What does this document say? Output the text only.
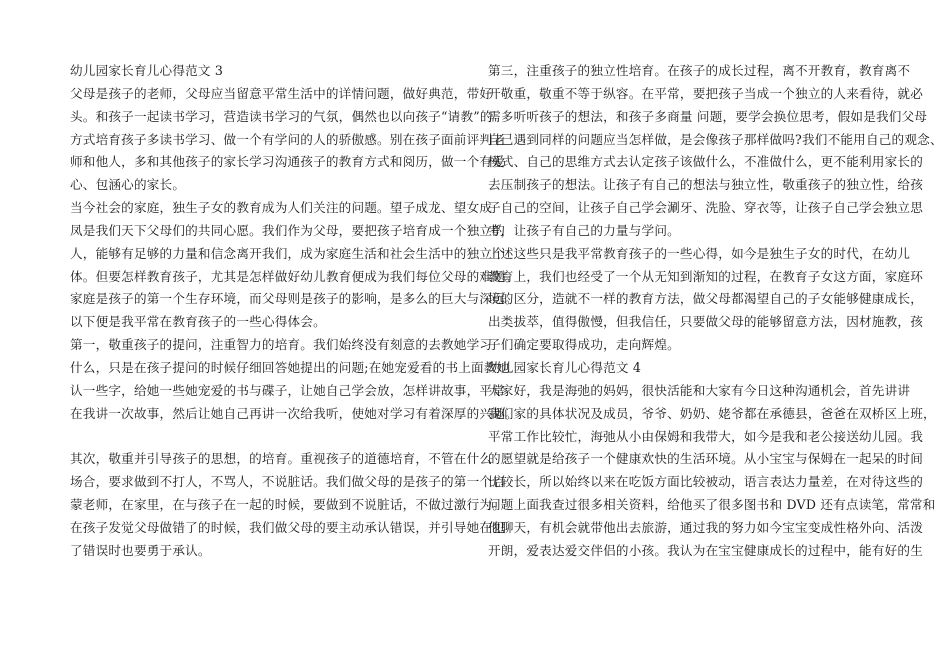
幼儿园家长育儿心得范文 3
父母是孩子的老师，父母应当留意平常生活中的详情问题，做好典范，带好
头。和孩子一起读书学习，营造读书学习的气氛，偶然也以向孩子“请教”的
方式培育孩子多读书学习、做一个有学问的人的骄傲感。别在孩子面前评判老
师和他人，多和其他孩子的家长学习沟通孩子的教育方式和阅历，做一个有爱
心、包涵心的家长。
当今社会的家庭，独生子女的教育成为人们关注的问题。望子成龙、望女成
凤是我们天下父母们的共同心愿。我们作为父母，要把孩子培育成一个独立的
人，能够有足够的力量和信念离开我们，成为家庭生活和社会生活中的独立个
体。但要怎样教育孩子，尤其是怎样做好幼儿教育便成为我们每位父母的难题。
家庭是孩子的第一个生存环境，而父母则是孩子的影响，是多么的巨大与深远。
以下便是我平常在教育孩子的一些心得体会。
第一，敬重孩子的提问，注重智力的培育。我们始终没有刻意的去教她学习
什么，只是在孩子提问的时候仔细回答她提出的问题;在她宠爱看的书上面教她
认一些字，给她一些她宠爱的书与碟子，让她自己学会放，怎样讲故事，平常
在我讲一次故事，然后让她自己再讲一次给我听，使她对学习有着深厚的兴趣。
其次，敬重并引导孩子的思想，的培育。重视孩子的道德培育，不管在什么
场合，要求做到不打人，不骂人，不说脏话。我们做父母的是孩子的第一个启
蒙老师，在家里，在与孩子在一起的时候，要做到不说脏话，不做过激行为。
在孩子发觉父母做错了的时候，我们做父母的要主动承认错误，并引导她在犯
了错误时也要勇于承认。
第三，注重孩子的独立性培育。在孩子的成长过程，离不开教育，教育离不
开敬重，敬重不等于纵容。在平常，要把孩子当成一个独立的人来看待，就必
需多听听孩子的想法，和孩子多商量 问题，要学会换位思考，假如是我们父母
自己遇到同样的问题应当怎样做，是会像孩子那样做吗?我们不能用自己的观念、
模式、自己的思维方式去认定孩子该做什么，不准做什么，更不能利用家长的
去压制孩子的想法。让孩子有自己的想法与独立性，敬重孩子的独立性，给孩
子自己的空间，让孩子自己学会涮牙、洗脸、穿衣等，让孩子自己学会独立思
考，让孩子有自己的力量与学问。
上述这些只是我平常教育孩子的一些心得，如今是独生子女的时代，在幼儿
教育上，我们也经受了一个从无知到渐知的过程，在教育子女这方面，家庭环
境的区分，造就不一样的教育方法，做父母都渴望自己的子女能够健康成长，
出类拔萃，值得傲慢，但我信任，只要做父母的能够留意方法，因材施教，孩
子们确定要取得成功，走向辉煌。
幼儿园家长育儿心得范文 4
大家好，我是海弛的妈妈，很快活能和大家有今日这种沟通机会，首先讲讲
我们家的具体状况及成员，爷爷、奶奶、姥爷都在承德县，爸爸在双桥区上班，
平常工作比较忙，海弛从小由保姆和我带大，如今是我和老公接送幼儿园。我
的愿望就是给孩子一个健康欢快的生活环境。从小宝宝与保姆在一起呆的时间
比较长，所以始终以来在吃饭方面比较被动，语言表达力量差，在对待这些的
问题上面我查过很多相关资料，给他买了很多图书和 DVD 还有点读笔，常常和
他聊天，有机会就带他出去旅游，通过我的努力如今宝宝变成性格外向、活泼
开朗，爱表达爱交伴侣的小孩。我认为在宝宝健康成长的过程中，能有好的生
